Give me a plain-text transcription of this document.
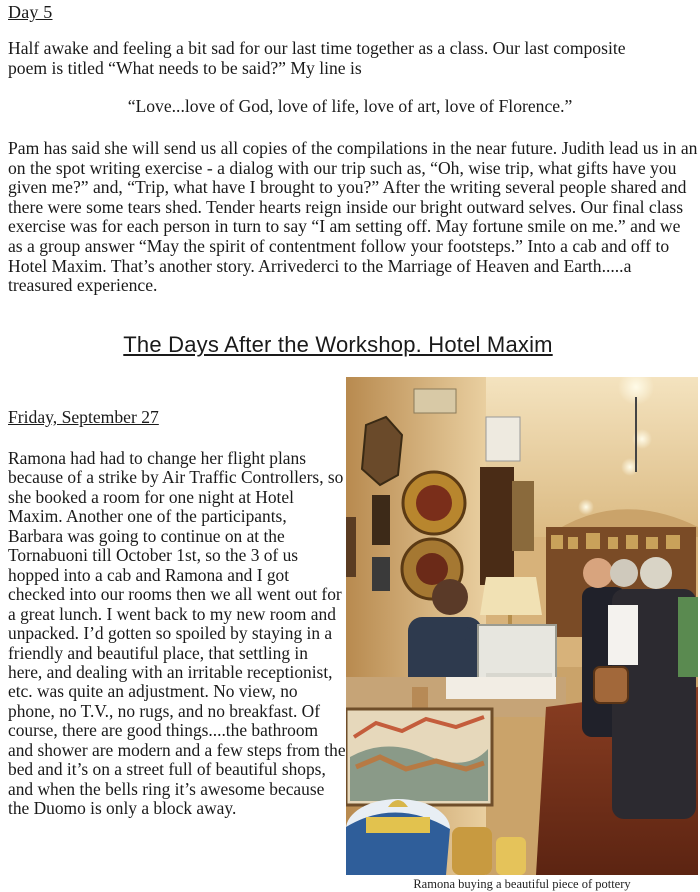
Day 5

Half awake and feeling a bit sad for our last time together as a class. Our last composite poem is titled “What needs to be said?” My line is

“Love...love of God, love of life, love of art, love of Florence.”

Pam has said she will send us all copies of the compilations in the near future. Judith lead us in an on the spot writing exercise - a dialog with our trip such as, “Oh, wise trip, what gifts have you given me?” and, “Trip, what have I brought to you?” After the writing several people shared and there were some tears shed. Tender hearts reign inside our bright outward selves. Our final class exercise was for each person in turn to say “I am setting off. May fortune smile on me.” and we as a group answer “May the spirit of contentment follow your footsteps.” Into a cab and off to Hotel Maxim. That’s another story. Arrivederci to the Marriage of Heaven and Earth.....a treasured experience.

The Days After the Workshop. Hotel Maxim
Friday, September 27

Ramona had had to change her flight plans because of a strike by Air Traffic Controllers, so she booked a room for one night at Hotel Maxim. Another one of the participants, Barbara was going to continue on at the Tornabuoni till October 1st, so the 3 of us hopped into a cab and Ramona and I got checked into our rooms then we all went out for a great lunch. I went back to my new room and unpacked. I’d gotten so spoiled by staying in a friendly and beautiful place, that settling in here, and dealing with an irritable receptionist, etc. was quite an adjustment. No view, no phone, no T.V., no rugs, and no breakfast. Of course, there are good things....the bathroom and shower are modern and a few steps from the bed and it’s on a street full of beautiful shops, and when the bells ring it’s awesome because the Duomo is only a block away.

Ramona buying a beautiful piece of pottery
